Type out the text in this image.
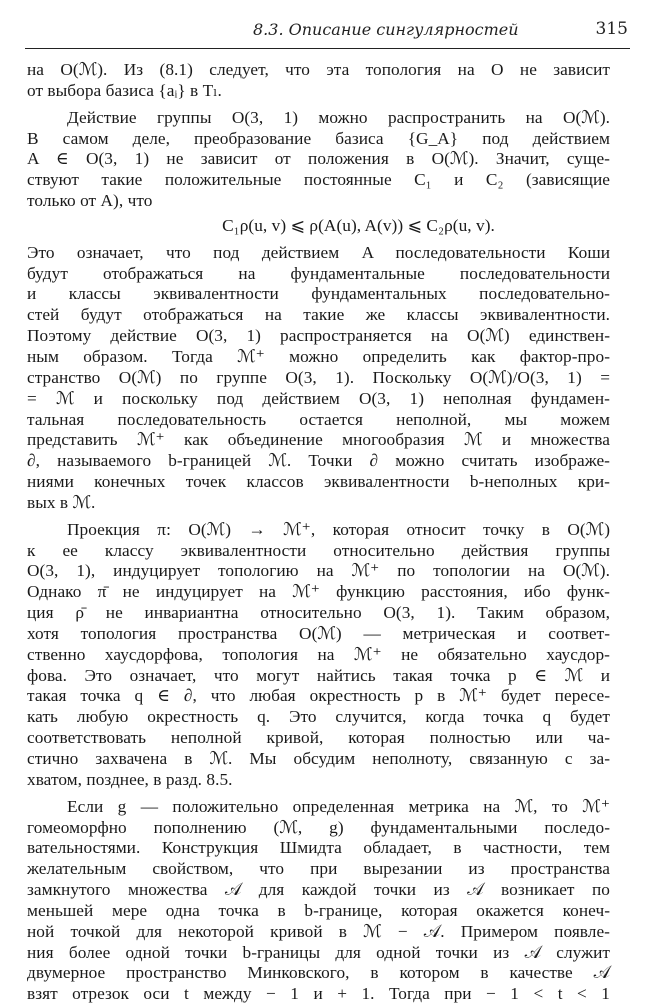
8.3. Описание сингулярностей	315
на O(ℳ). Из (8.1) следует, что эта топология на O не зависит
от выбора базиса {aᵢ} в Tₗ.
Действие группы O(3, 1) можно распространить на O(ℳ).
В самом деле, преобразование базиса {G_A} под действием
A ∈ O(3, 1) не зависит от положения в O(ℳ). Значит, суще-
ствуют такие положительные постоянные C₁ и C₂ (зависящие
только от A), что
C₁ρ(u, v) ⩽ ρ(A(u), A(v)) ⩽ C₂ρ(u, v).
Это означает, что под действием A последовательности Коши
будут отображаться на фундаментальные последовательности
и классы эквивалентности фундаментальных последовательно-
стей будут отображаться на такие же классы эквивалентности.
Поэтому действие O(3, 1) распространяется на O(ℳ) единствен-
ным образом. Тогда ℳ⁺ можно определить как фактор-про-
странство O(ℳ) по группе O(3, 1). Поскольку O(ℳ)/O(3, 1) =
= ℳ и поскольку под действием O(3, 1) неполная фундамен-
тальная последовательность остается неполной, мы можем
представить ℳ⁺ как объединение многообразия ℳ и множества
∂, называемого b-границей ℳ. Точки ∂ можно считать изображе-
ниями конечных точек классов эквивалентности b-неполных кри-
вых в ℳ.
Проекция π: O(ℳ) → ℳ⁺, которая относит точку в O(ℳ)
к ее классу эквивалентности относительно действия группы
O(3, 1), индуцирует топологию на ℳ⁺ по топологии на O(ℳ).
Однако π̄ не индуцирует на ℳ⁺ функцию расстояния, ибо функ-
ция ρ̄ не инвариантна относительно O(3, 1). Таким образом,
хотя топология пространства O(ℳ) — метрическая и соответ-
ственно хаусдорфова, топология на ℳ⁺ не обязательно хаусдор-
фова. Это означает, что могут найтись такая точка p ∈ ℳ и
такая точка q ∈ ∂, что любая окрестность p в ℳ⁺ будет пересе-
кать любую окрестность q. Это случится, когда точка q будет
соответствовать неполной кривой, которая полностью или ча-
стично захвачена в ℳ. Мы обсудим неполноту, связанную с за-
хватом, позднее, в разд. 8.5.
Если g — положительно определенная метрика на ℳ, то ℳ⁺
гомеоморфно пополнению (ℳ, g) фундаментальными последо-
вательностями. Конструкция Шмидта обладает, в частности, тем
желательным свойством, что при вырезании из пространства
замкнутого множества 𝒜 для каждой точки из 𝒜 возникает по
меньшей мере одна точка в b-границе, которая окажется конеч-
ной точкой для некоторой кривой в ℳ − 𝒜. Примером появле-
ния более одной точки b-границы для одной точки из 𝒜 служит
двумерное пространство Минковского, в котором в качестве 𝒜
взят отрезок оси t между − 1 и + 1. Тогда при − 1 < t < 1
